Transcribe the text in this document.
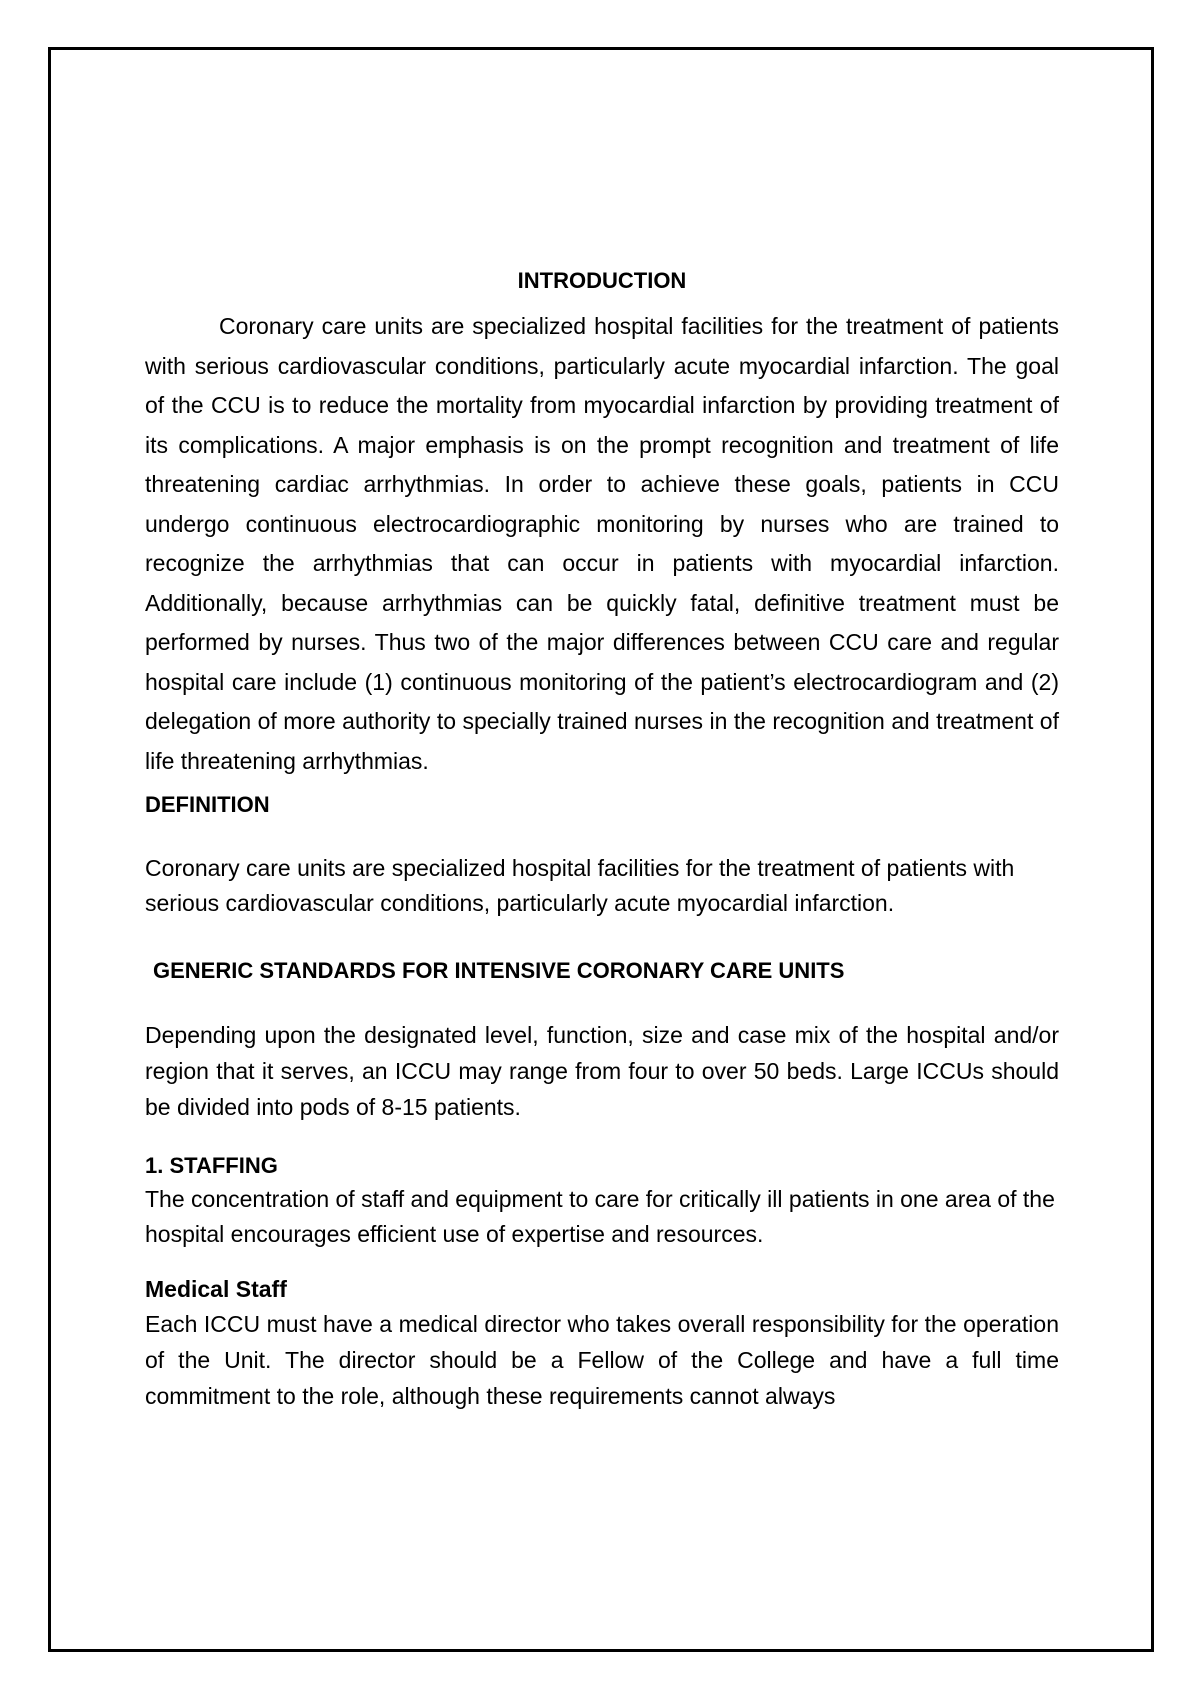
INTRODUCTION

Coronary care units are specialized hospital facilities for the treatment of patients with serious cardiovascular conditions, particularly acute myocardial infarction. The goal of the CCU is to reduce the mortality from myocardial infarction by providing treatment of its complications. A major emphasis is on the prompt recognition and treatment of life threatening cardiac arrhythmias. In order to achieve these goals, patients in CCU undergo continuous electrocardiographic monitoring by nurses who are trained to recognize the arrhythmias that can occur in patients with myocardial infarction. Additionally, because arrhythmias can be quickly fatal, definitive treatment must be performed by nurses. Thus two of the major differences between CCU care and regular hospital care include (1) continuous monitoring of the patient’s electrocardiogram and (2) delegation of more authority to specially trained nurses in the recognition and treatment of life threatening arrhythmias.

DEFINITION

Coronary care units are specialized hospital facilities for the treatment of patients with serious cardiovascular conditions, particularly acute myocardial infarction.

GENERIC STANDARDS FOR INTENSIVE CORONARY CARE UNITS

Depending upon the designated level, function, size and case mix of the hospital and/or region that it serves, an ICCU may range from four to over 50 beds. Large ICCUs should be divided into pods of 8-15 patients.

1. STAFFING

The concentration of staff and equipment to care for critically ill patients in one area of the hospital encourages efficient use of expertise and resources.

Medical Staff

Each ICCU must have a medical director who takes overall responsibility for the operation of the Unit. The director should be a Fellow of the College and have a full time commitment to the role, although these requirements cannot always
